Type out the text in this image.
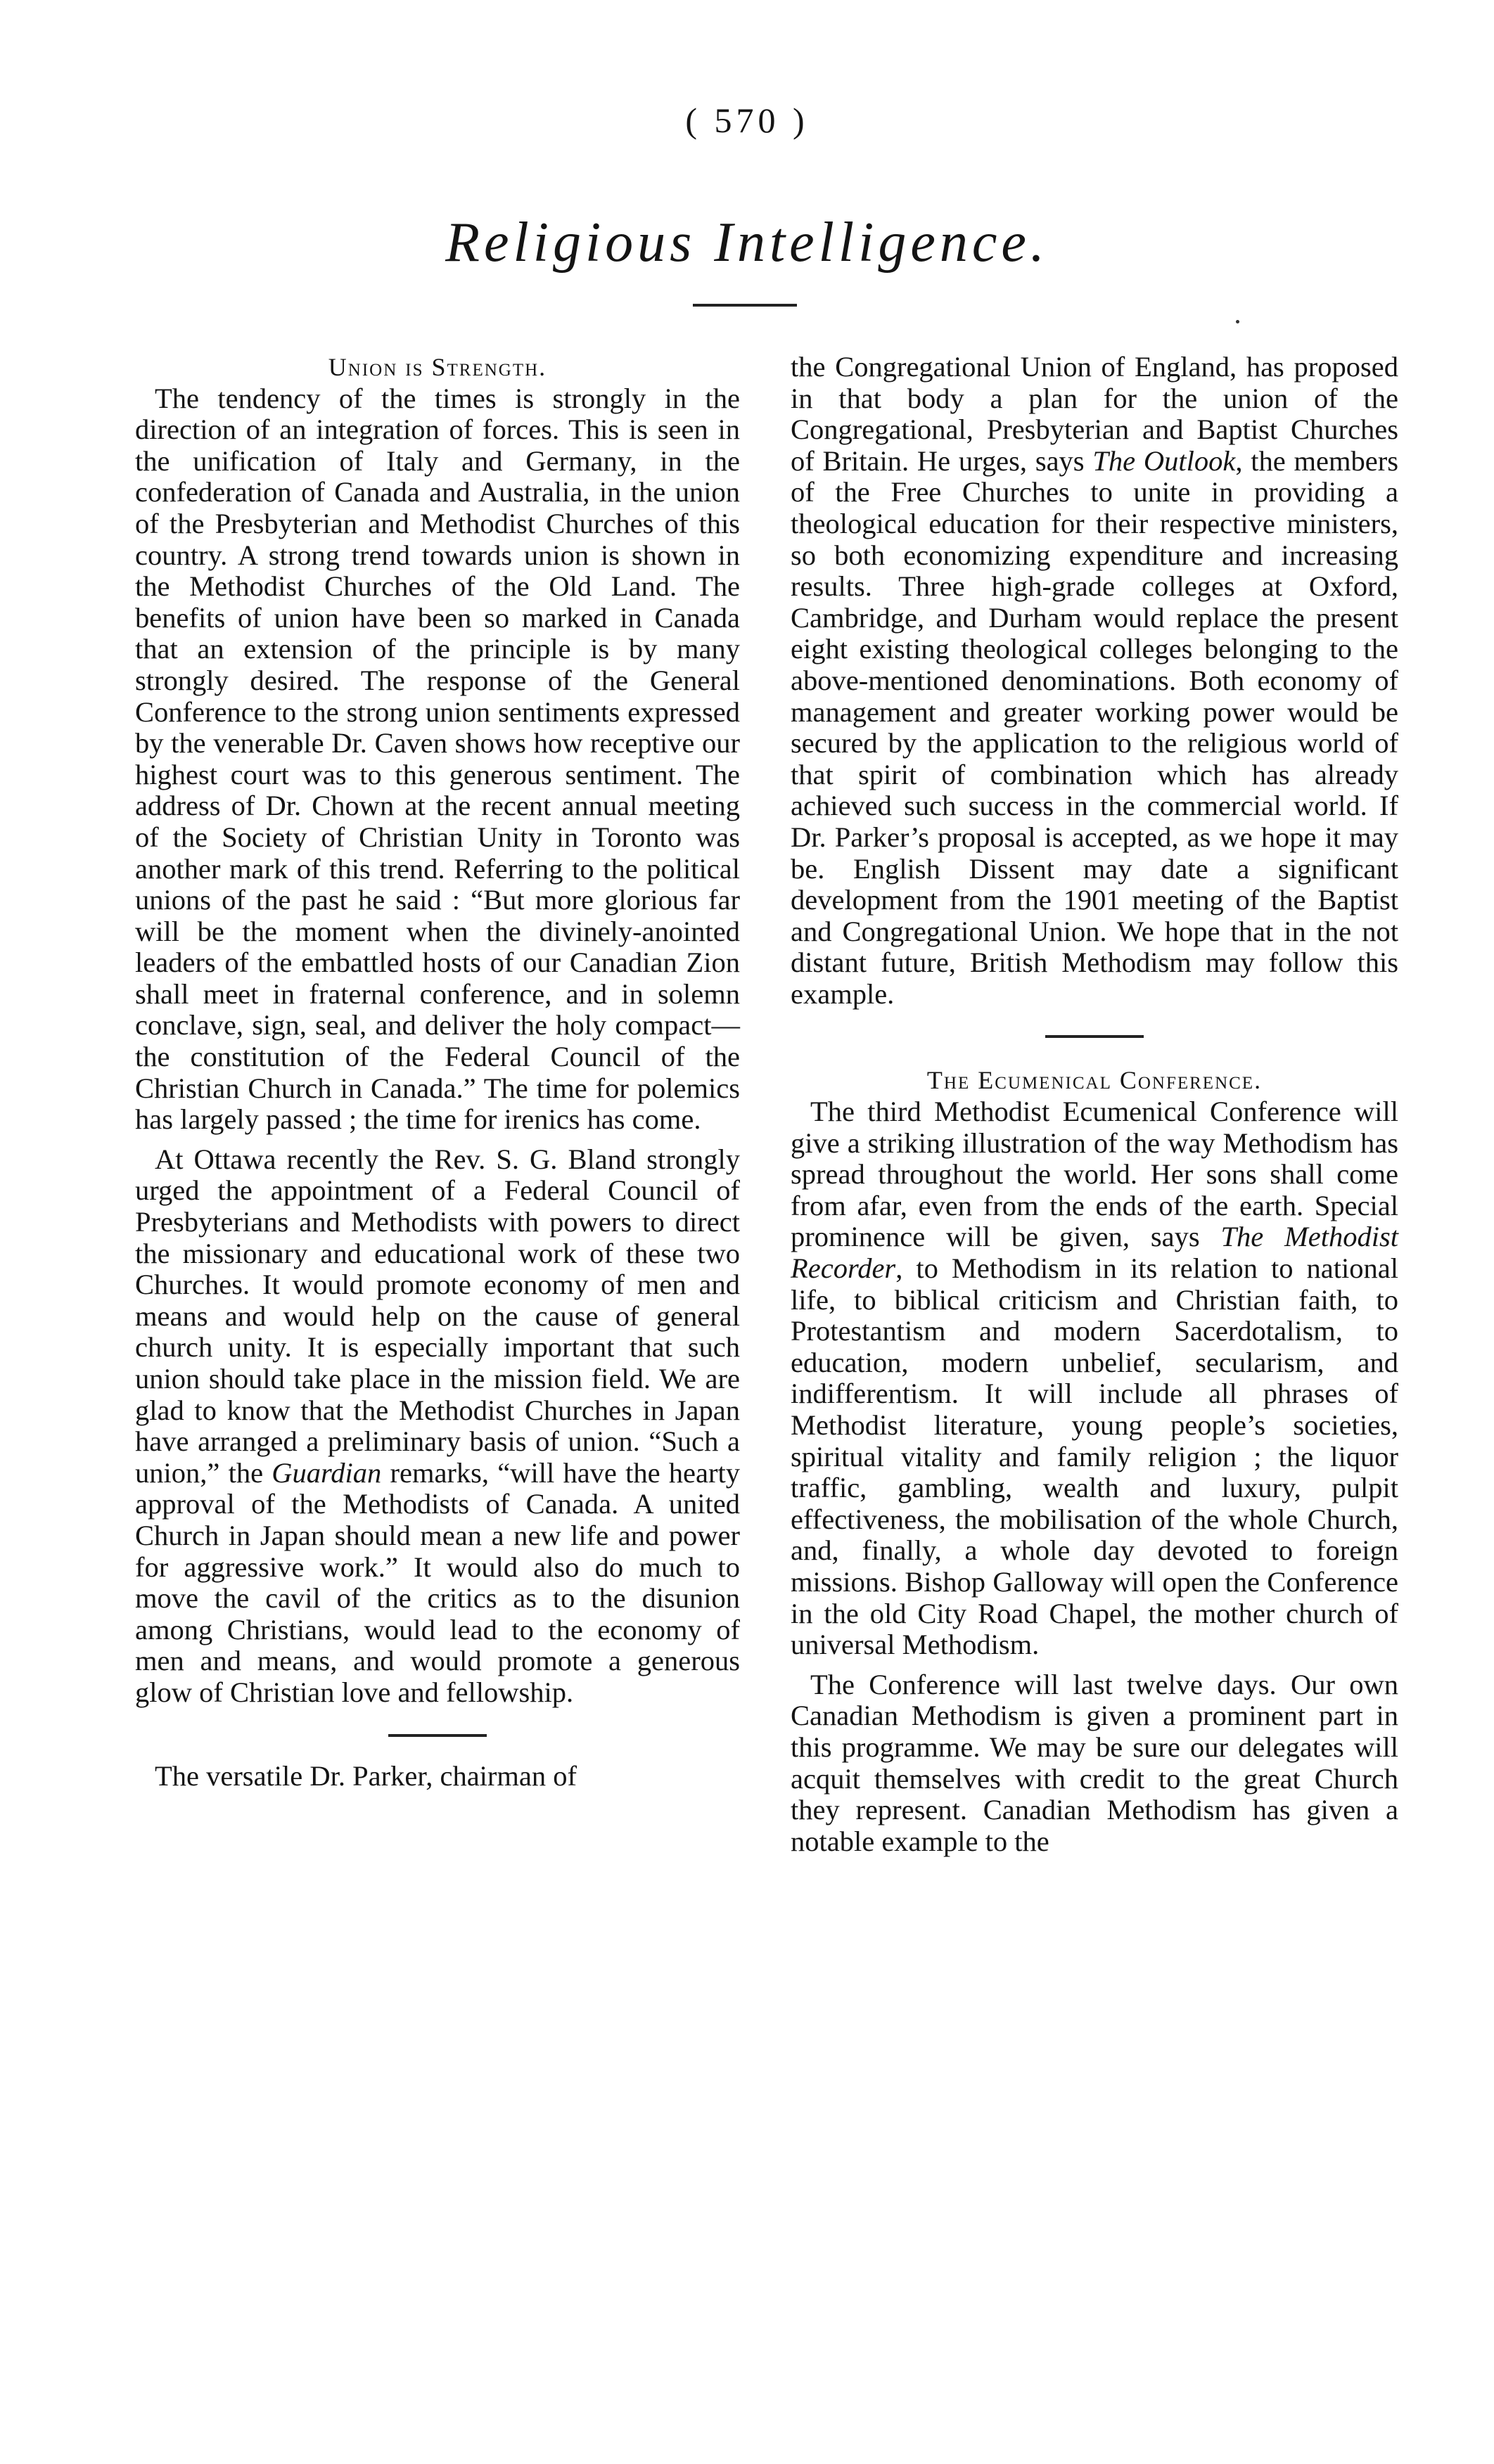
( 570 )
Religious Intelligence.

Union is Strength.

The tendency of the times is strongly in the direction of an integration of forces. This is seen in the unification of Italy and Germany, in the confederation of Canada and Australia, in the union of the Presbyterian and Methodist Churches of this country. A strong trend towards union is shown in the Methodist Churches of the Old Land. The benefits of union have been so marked in Canada that an extension of the principle is by many strongly desired. The response of the General Conference to the strong union sentiments expressed by the venerable Dr. Caven shows how receptive our highest court was to this generous sentiment. The address of Dr. Chown at the recent annual meeting of the Society of Christian Unity in Toronto was another mark of this trend. Referring to the political unions of the past he said : “But more glorious far will be the moment when the divinely-anointed leaders of the embattled hosts of our Canadian Zion shall meet in fraternal conference, and in solemn conclave, sign, seal, and deliver the holy compact—the constitution of the Federal Council of the Christian Church in Canada.” The time for polemics has largely passed ; the time for irenics has come.

At Ottawa recently the Rev. S. G. Bland strongly urged the appointment of a Federal Council of Presbyterians and Methodists with powers to direct the missionary and educational work of these two Churches. It would promote economy of men and means and would help on the cause of general church unity. It is especially important that such union should take place in the mission field. We are glad to know that the Methodist Churches in Japan have arranged a preliminary basis of union. “Such a union,” the Guardian remarks, “will have the hearty approval of the Methodists of Canada. A united Church in Japan should mean a new life and power for aggressive work.” It would also do much to move the cavil of the critics as to the disunion among Christians, would lead to the economy of men and means, and would promote a generous glow of Christian love and fellowship.

The versatile Dr. Parker, chairman of

the Congregational Union of England, has proposed in that body a plan for the union of the Congregational, Presbyterian and Baptist Churches of Britain. He urges, says The Outlook, the members of the Free Churches to unite in providing a theological education for their respective ministers, so both economizing expenditure and increasing results. Three high-grade colleges at Oxford, Cambridge, and Durham would replace the present eight existing theological colleges belonging to the above-mentioned denominations. Both economy of management and greater working power would be secured by the application to the religious world of that spirit of combination which has already achieved such success in the commercial world. If Dr. Parker’s proposal is accepted, as we hope it may be. English Dissent may date a significant development from the 1901 meeting of the Baptist and Congregational Union. We hope that in the not distant future, British Methodism may follow this example.

The Ecumenical Conference.

The third Methodist Ecumenical Conference will give a striking illustration of the way Methodism has spread throughout the world. Her sons shall come from afar, even from the ends of the earth. Special prominence will be given, says The Methodist Recorder, to Methodism in its relation to national life, to biblical criticism and Christian faith, to Protestantism and modern Sacerdotalism, to education, modern unbelief, secularism, and indifferentism. It will include all phrases of Methodist literature, young people’s societies, spiritual vitality and family religion ; the liquor traffic, gambling, wealth and luxury, pulpit effectiveness, the mobilisation of the whole Church, and, finally, a whole day devoted to foreign missions. Bishop Galloway will open the Conference in the old City Road Chapel, the mother church of universal Methodism.

The Conference will last twelve days. Our own Canadian Methodism is given a prominent part in this programme. We may be sure our delegates will acquit themselves with credit to the great Church they represent. Canadian Methodism has given a notable example to the
